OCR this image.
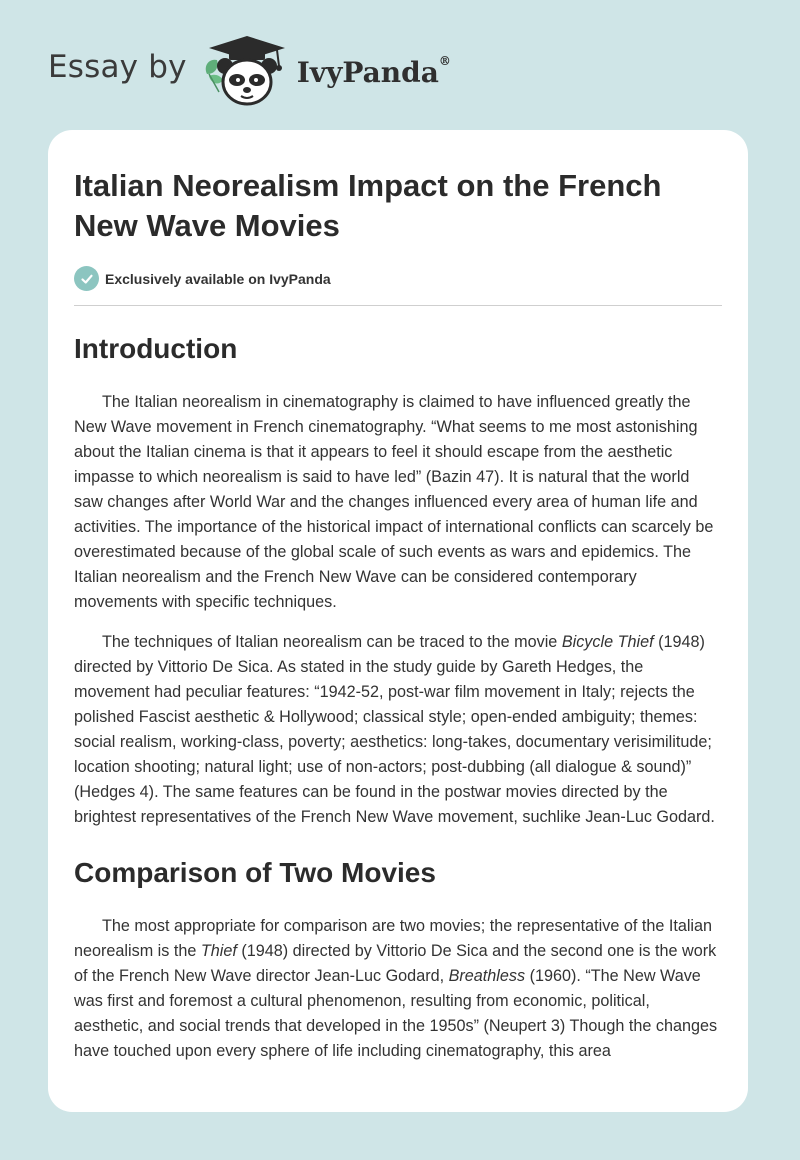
Essay by	IvyPanda®
Italian Neorealism Impact on the French New Wave Movies
Exclusively available on IvyPanda
Introduction

The Italian neorealism in cinematography is claimed to have influenced greatly the New Wave movement in French cinematography. “What seems to me most astonishing about the Italian cinema is that it appears to feel it should escape from the aesthetic impasse to which neorealism is said to have led” (Bazin 47). It is natural that the world saw changes after World War and the changes influenced every area of human life and activities. The importance of the historical impact of international conflicts can scarcely be overestimated because of the global scale of such events as wars and epidemics. The Italian neorealism and the French New Wave can be considered contemporary movements with specific techniques.

The techniques of Italian neorealism can be traced to the movie Bicycle Thief (1948) directed by Vittorio De Sica. As stated in the study guide by Gareth Hedges, the movement had peculiar features: “1942-52, post-war film movement in Italy; rejects the polished Fascist aesthetic & Hollywood; classical style; open-ended ambiguity; themes: social realism, working-class, poverty; aesthetics: long-takes, documentary verisimilitude; location shooting; natural light; use of non-actors; post-dubbing (all dialogue & sound)” (Hedges 4). The same features can be found in the postwar movies directed by the brightest representatives of the French New Wave movement, suchlike Jean-Luc Godard.

Comparison of Two Movies

The most appropriate for comparison are two movies; the representative of the Italian neorealism is the Thief (1948) directed by Vittorio De Sica and the second one is the work of the French New Wave director Jean-Luc Godard, Breathless (1960). “The New Wave was first and foremost a cultural phenomenon, resulting from economic, political, aesthetic, and social trends that developed in the 1950s” (Neupert 3) Though the changes have touched upon every sphere of life including cinematography, this area
